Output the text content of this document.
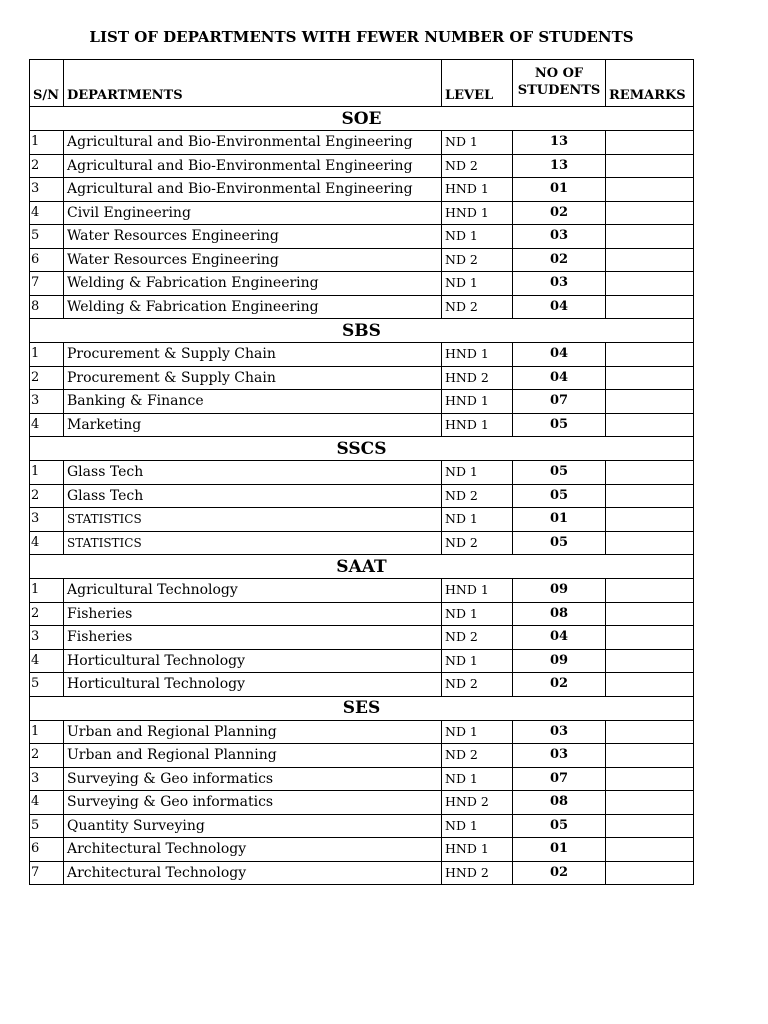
LIST OF DEPARTMENTS WITH FEWER NUMBER OF STUDENTS
S/N	DEPARTMENTS	LEVEL	NO OF STUDENTS	REMARKS
SOE				
1	Agricultural and Bio-Environmental Engineering	ND 1	13	
2	Agricultural and Bio-Environmental Engineering	ND 2	13	
3	Agricultural and Bio-Environmental Engineering	HND 1	01	
4	Civil Engineering	HND 1	02	
5	Water Resources Engineering	ND 1	03	
6	Water Resources Engineering	ND 2	02	
7	Welding & Fabrication Engineering	ND 1	03	
8	Welding & Fabrication Engineering	ND 2	04	
SBS				
1	Procurement & Supply Chain	HND 1	04	
2	Procurement & Supply Chain	HND 2	04	
3	Banking & Finance	HND 1	07	
4	Marketing	HND 1	05	
SSCS				
1	Glass Tech	ND 1	05	
2	Glass Tech	ND 2	05	
3	STATISTICS	ND 1	01	
4	STATISTICS	ND 2	05	
SAAT				
1	Agricultural Technology	HND 1	09	
2	Fisheries	ND 1	08	
3	Fisheries	ND 2	04	
4	Horticultural Technology	ND 1	09	
5	Horticultural Technology	ND 2	02	
SES				
1	Urban and Regional Planning	ND 1	03	
2	Urban and Regional Planning	ND 2	03	
3	Surveying & Geo informatics	ND 1	07	
4	Surveying & Geo informatics	HND 2	08	
5	Quantity Surveying	ND 1	05	
6	Architectural Technology	HND 1	01	
7	Architectural Technology	HND 2	02	
